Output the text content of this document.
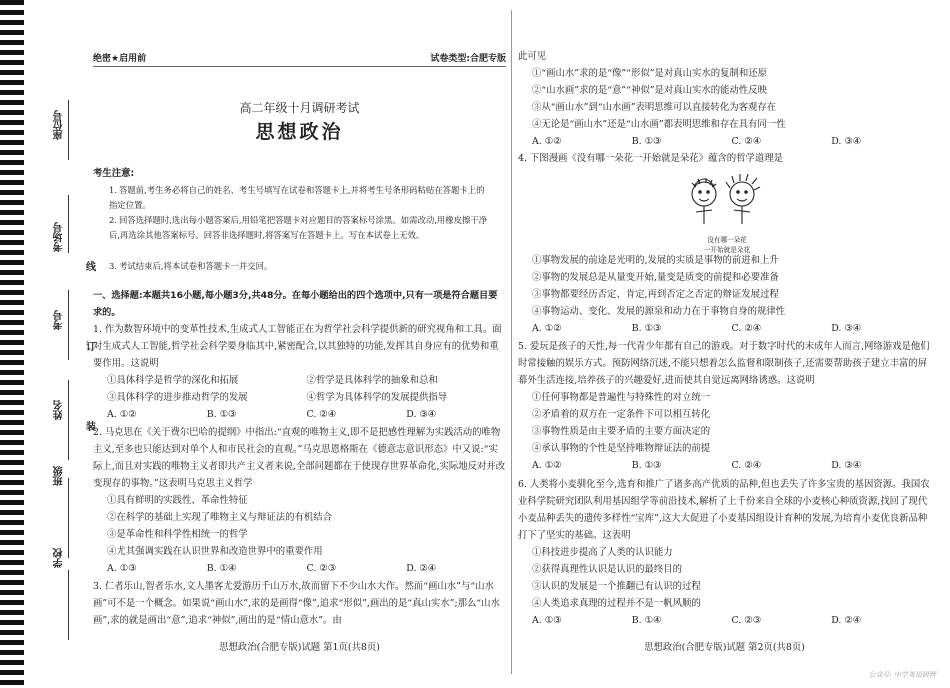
座位号
考场号
考号
姓名
班级
学校
线
订
装
绝密★启用前	试卷类型:合肥专版
高二年级十月调研考试
思想政治
考生注意:
1. 答题前,考生务必将自己的姓名、考生号填写在试卷和答题卡上,并将考生号条形码粘贴在答题卡上的指定位置。
2. 回答选择题时,选出每小题答案后,用铅笔把答题卡对应题目的答案标号涂黑。如需改动,用橡皮擦干净后,再选涂其他答案标号。回答非选择题时,将答案写在答题卡上。写在本试卷上无效。
3. 考试结束后,将本试卷和答题卡一并交回。
一、选择题:本题共16小题,每小题3分,共48分。在每小题给出的四个选项中,只有一项是符合题目要求的。
1. 作为数智环境中的变革性技术,生成式人工智能正在为哲学社会科学提供新的研究视角和工具。面对生成式人工智能,哲学社会科学要身临其中,紧密配合,以其独特的功能,发挥其自身应有的优势和重要作用。这说明
①具体科学是哲学的深化和拓展	②哲学是具体科学的抽象和总和
③具体科学的进步推动哲学的发展	④哲学为具体科学的发展提供指导
A. ①②	B. ①③	C. ②④	D. ③④
2. 马克思在《关于费尔巴哈的提纲》中指出:“直观的唯物主义,即不是把感性理解为实践活动的唯物主义,至多也只能达到对单个人和市民社会的直观。”马克思恩格斯在《德意志意识形态》中又说:“实际上,而且对实践的唯物主义者即共产主义者来说,全部问题都在于使现存世界革命化,实际地反对并改变现存的事物。”这表明马克思主义哲学
①具有鲜明的实践性、革命性特征
②在科学的基础上实现了唯物主义与辩证法的有机结合
③是革命性和科学性相统一的哲学
④尤其强调实践在认识世界和改造世界中的重要作用
A. ①③	B. ①④	C. ②③	D. ②④
3. 仁者乐山,智者乐水,文人墨客尤爱游历千山万水,故而留下不少山水大作。然而“画山水”与“山水画”可不是一个概念。如果说“画山水”,求的是画得“像”,追求“形似”,画出的是“真山实水”;那么“山水画”,求的就是画出“意”,追求“神似”,画出的是“情山意水”。由
思想政治(合肥专版)试题 第1页(共8页)
此可见
①“画山水”求的是“像”“形似”是对真山实水的复制和还原
②“山水画”求的是“意”“神似”是对真山实水的能动性反映
③从“画山水”到“山水画”表明思维可以直接转化为客观存在
④无论是“画山水”还是“山水画”都表明思维和存在具有同一性
A. ①②	B. ①③	C. ②④	D. ③④
4. 下图漫画《没有哪一朵花一开始就是朵花》蕴含的哲学道理是
没有哪一朵花
一开始就是朵花
①事物发展的前途是光明的,发展的实质是事物的前进和上升
②事物的发展总是从量变开始,量变是质变的前提和必要准备
③事物都要经历否定、肯定,再到否定之否定的辩证发展过程
④事物运动、变化、发展的源泉和动力在于事物自身的规律性
A. ①②	B. ①③	C. ②④	D. ③④
5. 爱玩是孩子的天性,每一代青少年都有自己的游戏。对于数字时代的未成年人而言,网络游戏是他们时常接触的娱乐方式。预防网络沉迷,不能只想着怎么监督和限制孩子,还需要帮助孩子建立丰富的屏幕外生活连接,培养孩子的兴趣爱好,进而使其自觉远离网络诱惑。这说明
①任何事物都是普遍性与特殊性的对立统一
②矛盾着的双方在一定条件下可以相互转化
③事物性质是由主要矛盾的主要方面决定的
④承认事物的个性是坚持唯物辩证法的前提
A. ①②	B. ①③	C. ②④	D. ③④
6. 人类将小麦驯化至今,选育和推广了诸多高产优质的品种,但也丢失了许多宝贵的基因资源。我国农业科学院研究团队利用基因组学等前沿技术,解析了上千份来自全球的小麦核心种质资源,找回了现代小麦品种丢失的遗传多样性“宝库”,这大大促进了小麦基因组设计育种的发展,为培育小麦优良新品种打下了坚实的基础。这表明
①科技进步提高了人类的认识能力
②获得真理性认识是认识的最终目的
③认识的发展是一个推翻已有认识的过程
④人类追求真理的过程并不是一帆风顺的
A. ①③	B. ①④	C. ②③	D. ②④
思想政治(合肥专版)试题 第2页(共8页)
公众号: 中学英语研营
